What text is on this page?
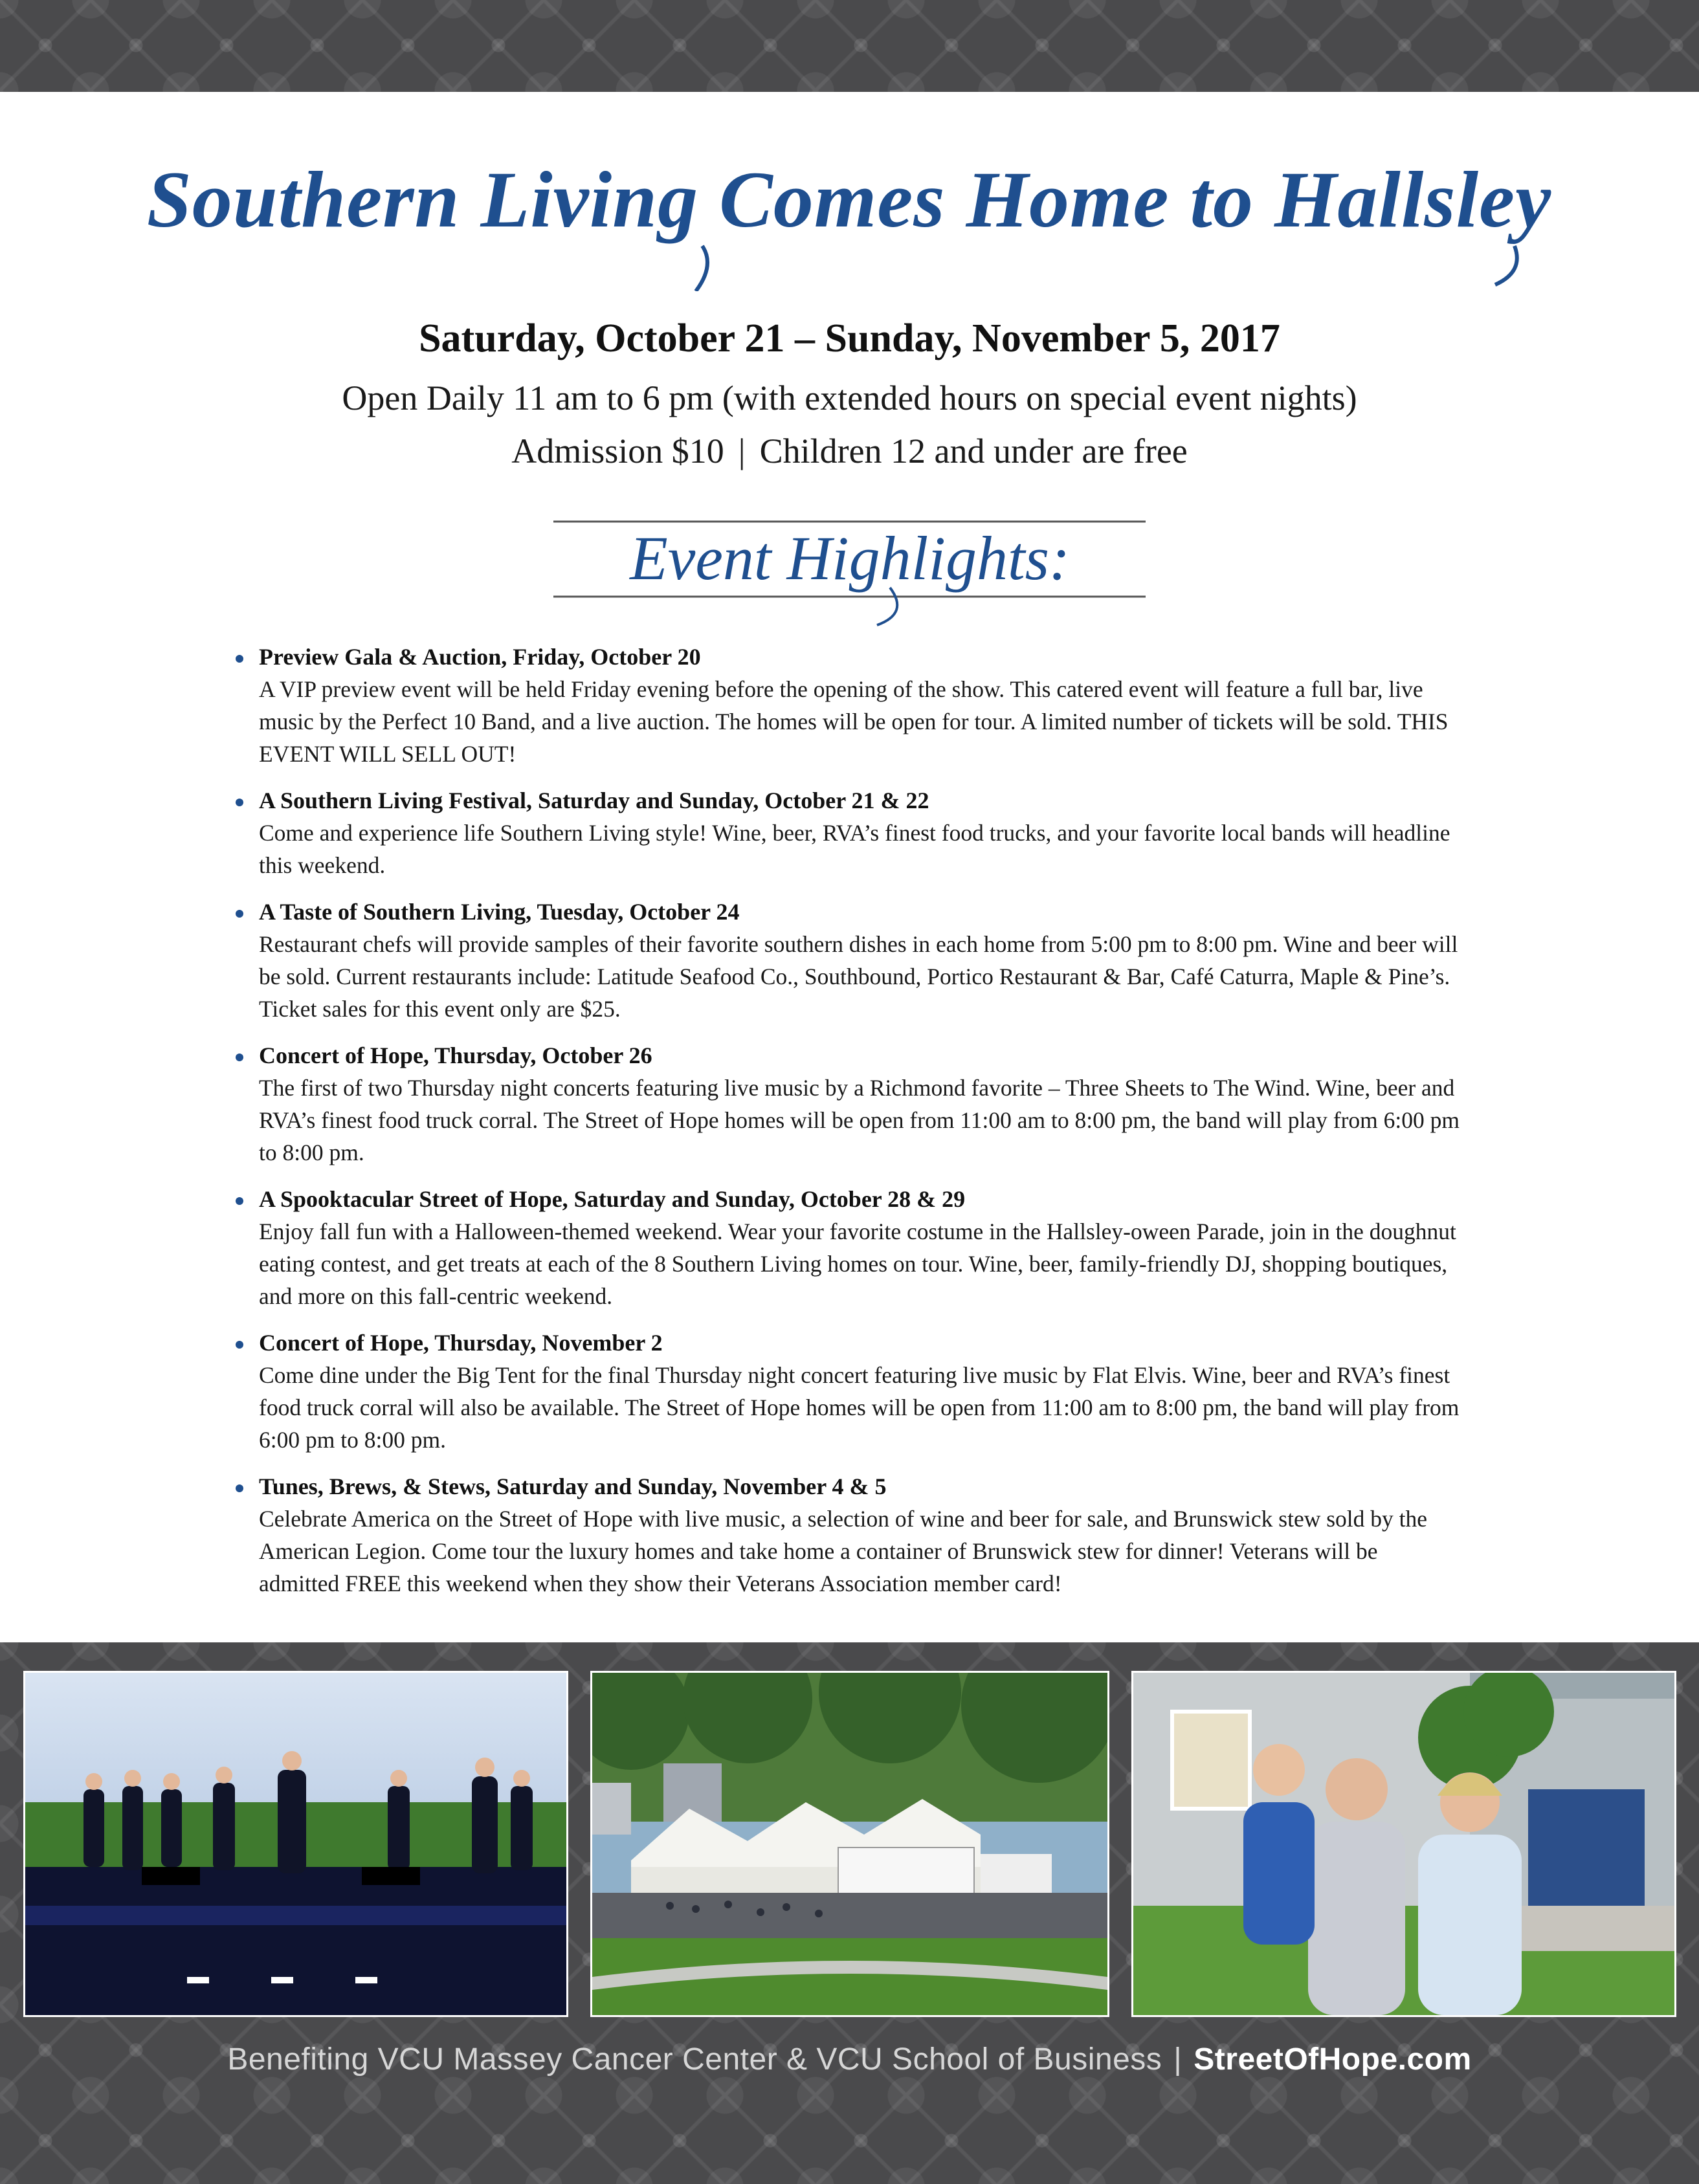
Southern Living Comes Home to Hallsley
Saturday, October 21 – Sunday, November 5, 2017
Open Daily 11 am to 6 pm (with extended hours on special event nights)
Admission $10 | Children 12 and under are free
Event Highlights:
Preview Gala & Auction, Friday, October 20
A VIP preview event will be held Friday evening before the opening of the show. This catered event will feature a full bar, live music by the Perfect 10 Band, and a live auction. The homes will be open for tour. A limited number of tickets will be sold. THIS EVENT WILL SELL OUT!
A Southern Living Festival, Saturday and Sunday, October 21 & 22
Come and experience life Southern Living style! Wine, beer, RVA’s finest food trucks, and your favorite local bands will headline this weekend.
A Taste of Southern Living, Tuesday, October 24
Restaurant chefs will provide samples of their favorite southern dishes in each home from 5:00 pm to 8:00 pm. Wine and beer will be sold. Current restaurants include: Latitude Seafood Co., Southbound, Portico Restaurant & Bar, Café Caturra, Maple & Pine’s. Ticket sales for this event only are $25.
Concert of Hope, Thursday, October 26
The first of two Thursday night concerts featuring live music by a Richmond favorite – Three Sheets to The Wind. Wine, beer and RVA’s finest food truck corral. The Street of Hope homes will be open from 11:00 am to 8:00 pm, the band will play from 6:00 pm to 8:00 pm.
A Spooktacular Street of Hope, Saturday and Sunday, October 28 & 29
Enjoy fall fun with a Halloween-themed weekend. Wear your favorite costume in the Hallsley-oween Parade, join in the doughnut eating contest, and get treats at each of the 8 Southern Living homes on tour. Wine, beer, family-friendly DJ, shopping boutiques, and more on this fall-centric weekend.
Concert of Hope, Thursday, November 2
Come dine under the Big Tent for the final Thursday night concert featuring live music by Flat Elvis. Wine, beer and RVA’s finest food truck corral will also be available. The Street of Hope homes will be open from 11:00 am to 8:00 pm, the band will play from 6:00 pm to 8:00 pm.
Tunes, Brews, & Stews, Saturday and Sunday, November 4 & 5
Celebrate America on the Street of Hope with live music, a selection of wine and beer for sale, and Brunswick stew sold by the American Legion. Come tour the luxury homes and take home a container of Brunswick stew for dinner! Veterans will be admitted FREE this weekend when they show their Veterans Association member card!
Benefiting VCU Massey Cancer Center & VCU School of Business | StreetOfHope.com
